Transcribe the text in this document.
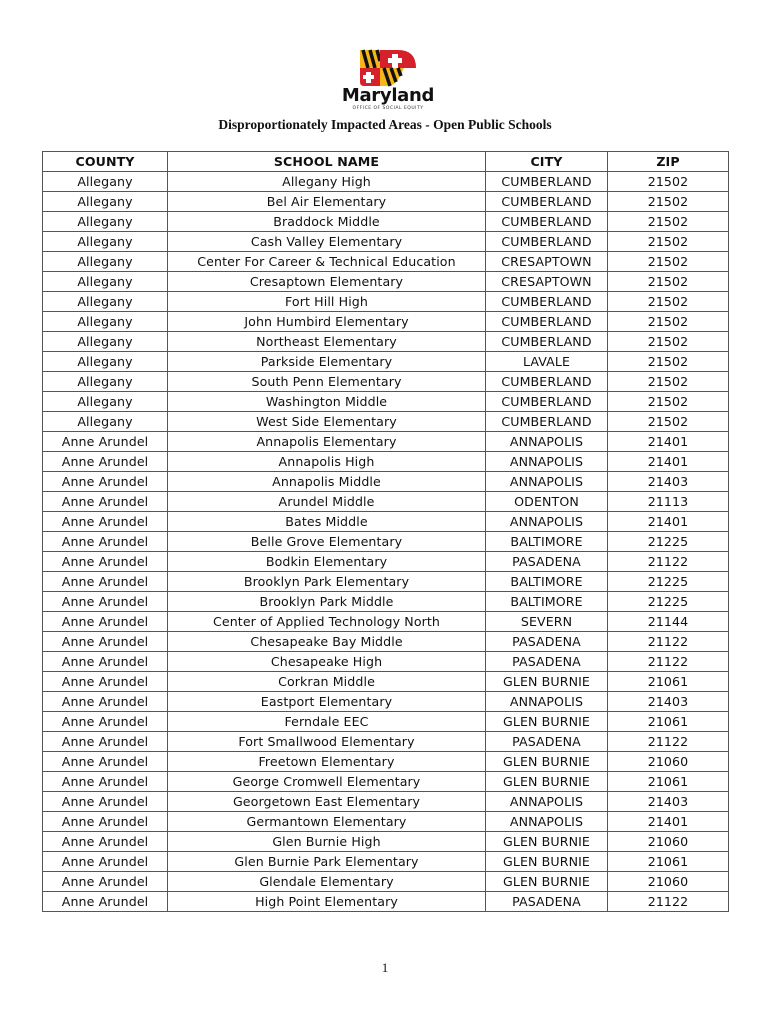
Maryland
OFFICE OF SOCIAL EQUITY
Disproportionately Impacted Areas - Open Public Schools
COUNTY	SCHOOL NAME	CITY	ZIP
Allegany	Allegany High	CUMBERLAND	21502
Allegany	Bel Air Elementary	CUMBERLAND	21502
Allegany	Braddock Middle	CUMBERLAND	21502
Allegany	Cash Valley Elementary	CUMBERLAND	21502
Allegany	Center For Career & Technical Education	CRESAPTOWN	21502
Allegany	Cresaptown Elementary	CRESAPTOWN	21502
Allegany	Fort Hill High	CUMBERLAND	21502
Allegany	John Humbird Elementary	CUMBERLAND	21502
Allegany	Northeast Elementary	CUMBERLAND	21502
Allegany	Parkside Elementary	LAVALE	21502
Allegany	South Penn Elementary	CUMBERLAND	21502
Allegany	Washington Middle	CUMBERLAND	21502
Allegany	West Side Elementary	CUMBERLAND	21502
Anne Arundel	Annapolis Elementary	ANNAPOLIS	21401
Anne Arundel	Annapolis High	ANNAPOLIS	21401
Anne Arundel	Annapolis Middle	ANNAPOLIS	21403
Anne Arundel	Arundel Middle	ODENTON	21113
Anne Arundel	Bates Middle	ANNAPOLIS	21401
Anne Arundel	Belle Grove Elementary	BALTIMORE	21225
Anne Arundel	Bodkin Elementary	PASADENA	21122
Anne Arundel	Brooklyn Park Elementary	BALTIMORE	21225
Anne Arundel	Brooklyn Park Middle	BALTIMORE	21225
Anne Arundel	Center of Applied Technology North	SEVERN	21144
Anne Arundel	Chesapeake Bay Middle	PASADENA	21122
Anne Arundel	Chesapeake High	PASADENA	21122
Anne Arundel	Corkran Middle	GLEN BURNIE	21061
Anne Arundel	Eastport Elementary	ANNAPOLIS	21403
Anne Arundel	Ferndale EEC	GLEN BURNIE	21061
Anne Arundel	Fort Smallwood Elementary	PASADENA	21122
Anne Arundel	Freetown Elementary	GLEN BURNIE	21060
Anne Arundel	George Cromwell Elementary	GLEN BURNIE	21061
Anne Arundel	Georgetown East Elementary	ANNAPOLIS	21403
Anne Arundel	Germantown Elementary	ANNAPOLIS	21401
Anne Arundel	Glen Burnie High	GLEN BURNIE	21060
Anne Arundel	Glen Burnie Park Elementary	GLEN BURNIE	21061
Anne Arundel	Glendale Elementary	GLEN BURNIE	21060
Anne Arundel	High Point Elementary	PASADENA	21122
1
